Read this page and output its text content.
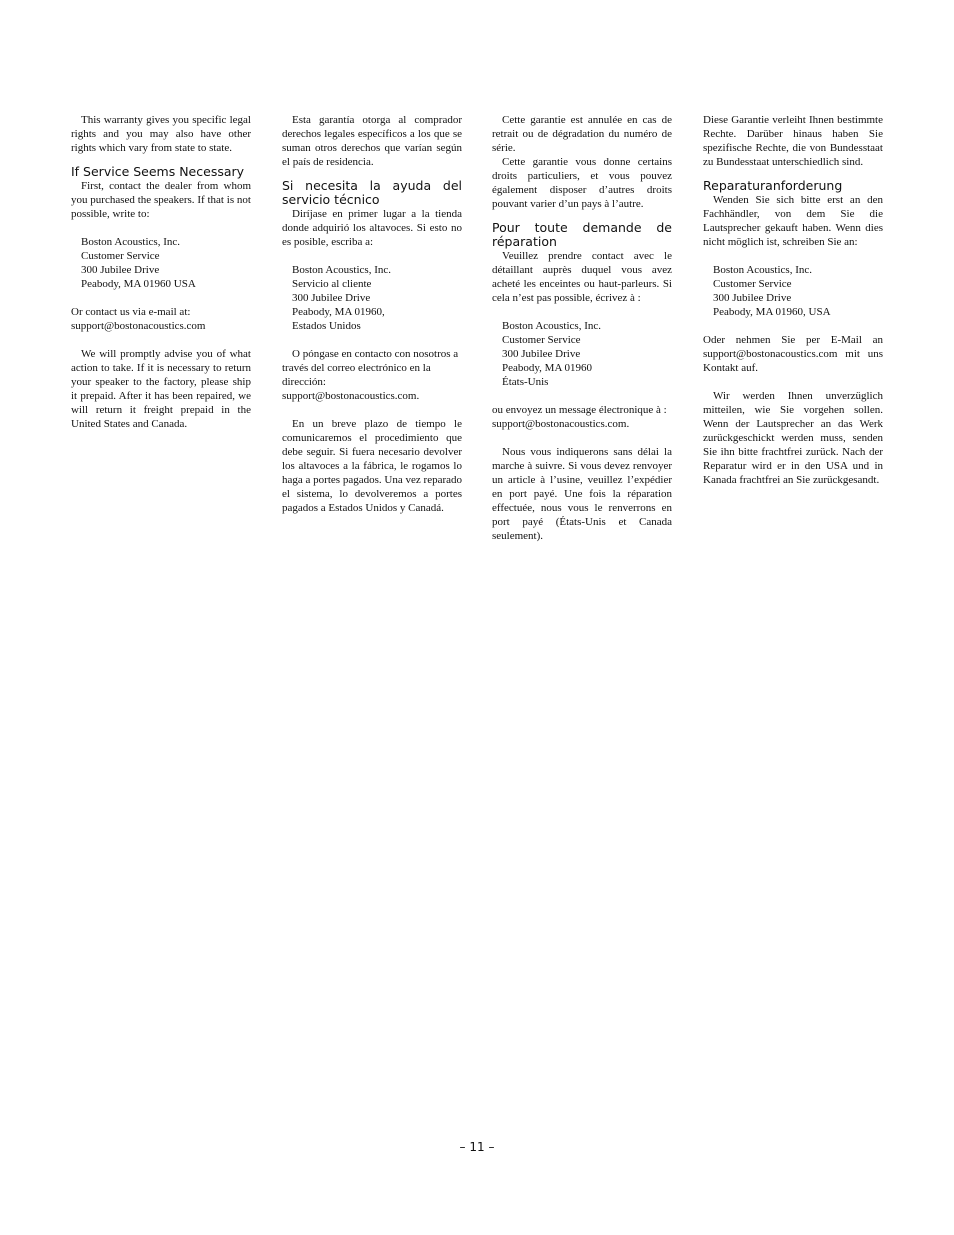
This warranty gives you specific legal rights and you may also have other rights which vary from state to state.

If Service Seems Necessary

First, contact the dealer from whom you purchased the speakers. If that is not possible, write to:

Boston Acoustics, Inc.
Customer Service
300 Jubilee Drive
Peabody, MA 01960 USA

Or contact us via e-mail at: support@bostonacoustics.com

We will promptly advise you of what action to take. If it is necessary to return your speaker to the factory, please ship it prepaid. After it has been repaired, we will return it freight prepaid in the United States and Canada.

Esta garantía otorga al comprador derechos legales específicos a los que se suman otros derechos que varían según el país de residencia.

Si necesita la ayuda del servicio técnico

Diríjase en primer lugar a la tienda donde adquirió los altavoces. Si esto no es posible, escriba a:

Boston Acoustics, Inc.
Servicio al cliente
300 Jubilee Drive
Peabody, MA 01960,
Estados Unidos

O póngase en contacto con nosotros a través del correo electrónico en la dirección: support@bostonacoustics.com.

En un breve plazo de tiempo le comunicaremos el procedimiento que debe seguir. Si fuera necesario devolver los altavoces a la fábrica, le rogamos lo haga a portes pagados. Una vez reparado el sistema, lo devolveremos a portes pagados a Estados Unidos y Canadá.

Cette garantie est annulée en cas de retrait ou de dégradation du numéro de série.

Cette garantie vous donne certains droits particuliers, et vous pouvez également disposer d’autres droits pouvant varier d’un pays à l’autre.

Pour toute demande de réparation

Veuillez prendre contact avec le détaillant auprès duquel vous avez acheté les enceintes ou haut-parleurs. Si cela n’est pas possible, écrivez à :

Boston Acoustics, Inc.
Customer Service
300 Jubilee Drive
Peabody, MA 01960
États-Unis

ou envoyez un message électronique à : support@bostonacoustics.com.

Nous vous indiquerons sans délai la marche à suivre. Si vous devez renvoyer un article à l’usine, veuillez l’expédier en port payé. Une fois la réparation effectuée, nous vous le renverrons en port payé (États-Unis et Canada seulement).

Diese Garantie verleiht Ihnen bestimmte Rechte. Darüber hinaus haben Sie spezifische Rechte, die von Bundesstaat zu Bundesstaat unterschiedlich sind.

Reparaturanforderung

Wenden Sie sich bitte erst an den Fachhändler, von dem Sie die Lautsprecher gekauft haben. Wenn dies nicht möglich ist, schreiben Sie an:

Boston Acoustics, Inc.
Customer Service
300 Jubilee Drive
Peabody, MA 01960, USA

Oder nehmen Sie per E-Mail an support@bostonacoustics.com mit uns Kontakt auf.

Wir werden Ihnen unverzüglich mitteilen, wie Sie vorgehen sollen. Wenn der Lautsprecher an das Werk zurückgeschickt werden muss, senden Sie ihn bitte frachtfrei zurück. Nach der Reparatur wird er in den USA und in Kanada frachtfrei an Sie zurückgesandt.

– 11 –
